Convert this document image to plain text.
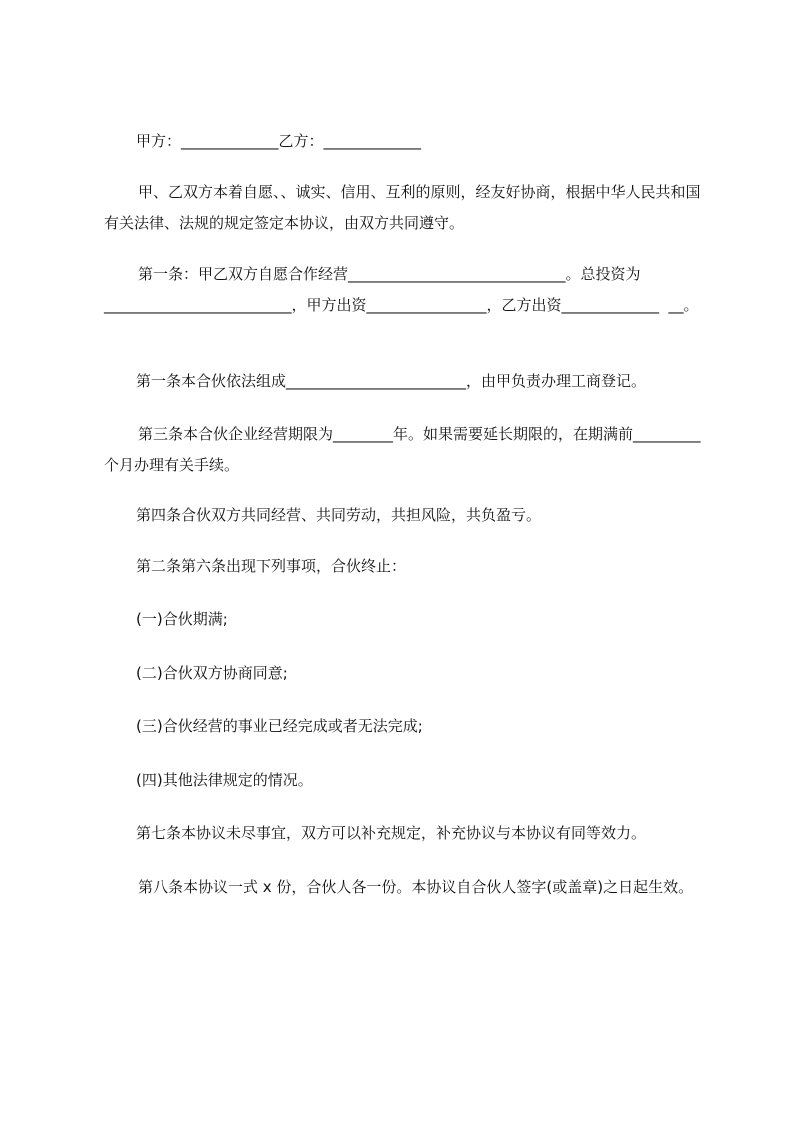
甲方：_____________乙方：_____________

甲、乙双方本着自愿、、诚实、信用、互利的原则，经友好协商，根据中华人民共和国有关法律、法规的规定签定本协议，由双方共同遵守。

第一条：甲乙双方自愿合作经营_____________________________。总投资为_________________________，甲方出资________________，乙方出资_____________  __。

第一条本合伙依法组成________________________，由甲负责办理工商登记。

第三条本合伙企业经营期限为________年。如果需要延长期限的，在期满前_________个月办理有关手续。

第四条合伙双方共同经营、共同劳动，共担风险，共负盈亏。

第二条第六条出现下列事项，合伙终止：

(一)合伙期满;

(二)合伙双方协商同意;

(三)合伙经营的事业已经完成或者无法完成;

(四)其他法律规定的情况。

第七条本协议未尽事宜，双方可以补充规定，补充协议与本协议有同等效力。

第八条本协议一式 x 份，合伙人各一份。本协议自合伙人签字(或盖章)之日起生效。
